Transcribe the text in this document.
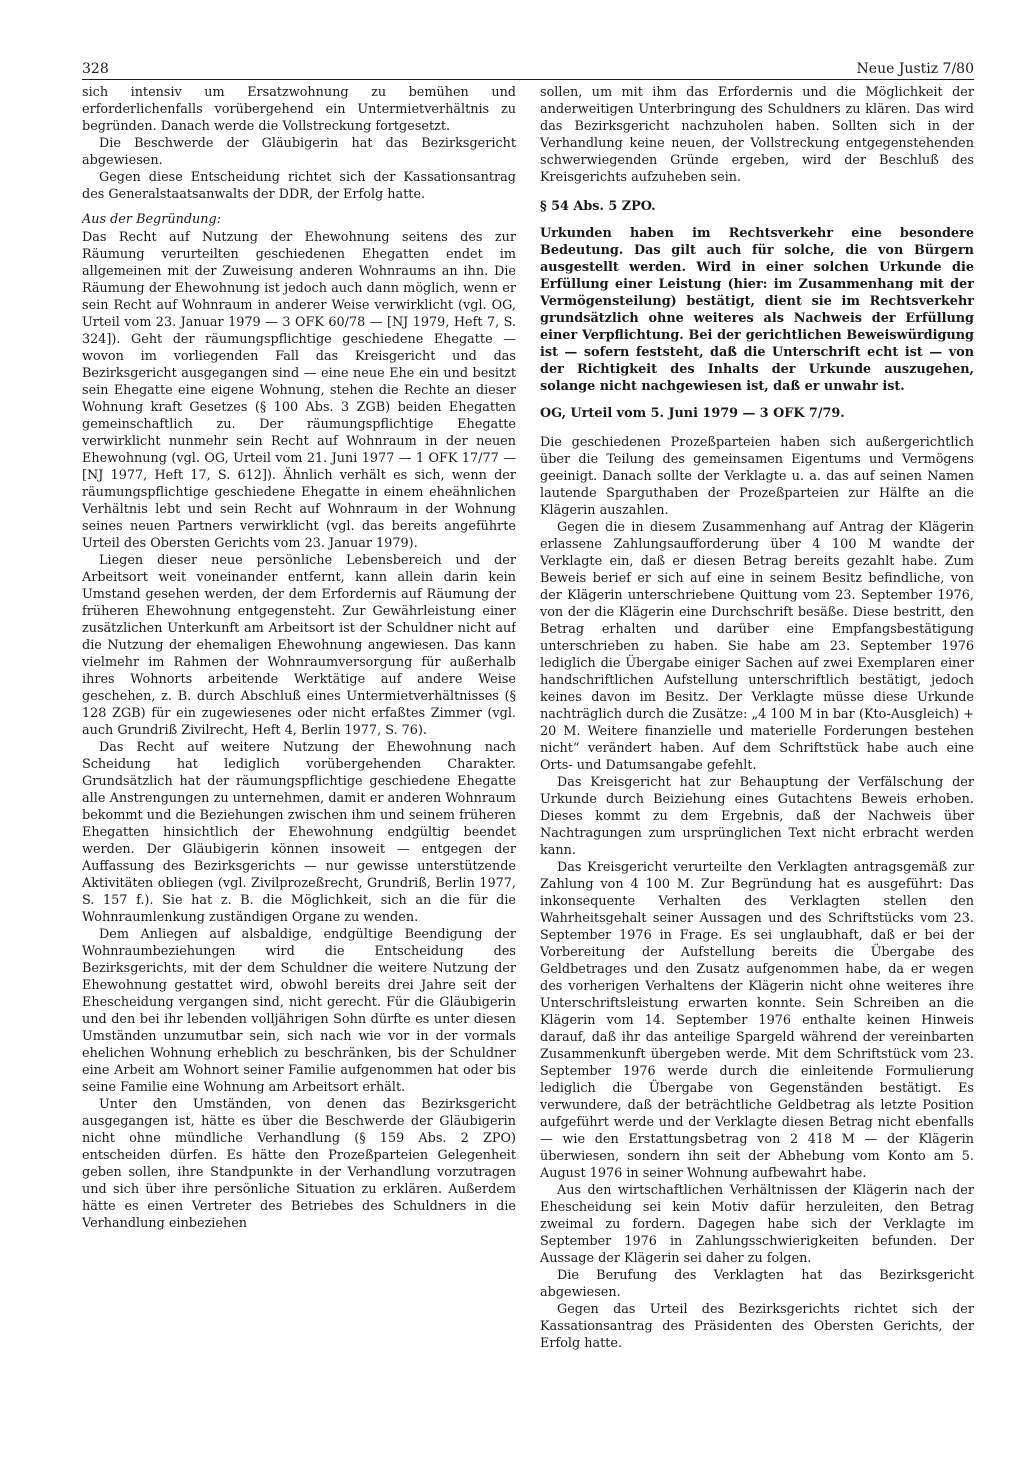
328	Neue Justiz 7/80

sich intensiv um Ersatzwohnung zu bemühen und erforderlichenfalls vorübergehend ein Untermietverhältnis zu begründen. Danach werde die Vollstreckung fortgesetzt.

Die Beschwerde der Gläubigerin hat das Bezirksgericht abgewiesen.

Gegen diese Entscheidung richtet sich der Kassationsantrag des Generalstaatsanwalts der DDR, der Erfolg hatte.

Aus der Begründung:

Das Recht auf Nutzung der Ehewohnung seitens des zur Räumung verurteilten geschiedenen Ehegatten endet im allgemeinen mit der Zuweisung anderen Wohnraums an ihn. Die Räumung der Ehewohnung ist jedoch auch dann möglich, wenn er sein Recht auf Wohnraum in anderer Weise verwirklicht (vgl. OG, Urteil vom 23. Januar 1979 — 3 OFK 60/78 — [NJ 1979, Heft 7, S. 324]). Geht der räumungspflichtige geschiedene Ehegatte — wovon im vorliegenden Fall das Kreisgericht und das Bezirksgericht ausgegangen sind — eine neue Ehe ein und besitzt sein Ehegatte eine eigene Wohnung, stehen die Rechte an dieser Wohnung kraft Gesetzes (§ 100 Abs. 3 ZGB) beiden Ehegatten gemeinschaftlich zu. Der räumungspflichtige Ehegatte verwirklicht nunmehr sein Recht auf Wohnraum in der neuen Ehewohnung (vgl. OG, Urteil vom 21. Juni 1977 — 1 OFK 17/77 — [NJ 1977, Heft 17, S. 612]). Ähnlich verhält es sich, wenn der räumungspflichtige geschiedene Ehegatte in einem eheähnlichen Verhältnis lebt und sein Recht auf Wohnraum in der Wohnung seines neuen Partners verwirklicht (vgl. das bereits angeführte Urteil des Obersten Gerichts vom 23. Januar 1979).

Liegen dieser neue persönliche Lebensbereich und der Arbeitsort weit voneinander entfernt, kann allein darin kein Umstand gesehen werden, der dem Erfordernis auf Räumung der früheren Ehewohnung entgegensteht. Zur Gewährleistung einer zusätzlichen Unterkunft am Arbeitsort ist der Schuldner nicht auf die Nutzung der ehemaligen Ehewohnung angewiesen. Das kann vielmehr im Rahmen der Wohnraumversorgung für außerhalb ihres Wohnorts arbeitende Werktätige auf andere Weise geschehen, z. B. durch Abschluß eines Untermietverhältnisses (§ 128 ZGB) für ein zugewiesenes oder nicht erfaßtes Zimmer (vgl. auch Grundriß Zivilrecht, Heft 4, Berlin 1977, S. 76).

Das Recht auf weitere Nutzung der Ehewohnung nach Scheidung hat lediglich vorübergehenden Charakter. Grundsätzlich hat der räumungspflichtige geschiedene Ehegatte alle Anstrengungen zu unternehmen, damit er anderen Wohnraum bekommt und die Beziehungen zwischen ihm und seinem früheren Ehegatten hinsichtlich der Ehewohnung endgültig beendet werden. Der Gläubigerin können insoweit — entgegen der Auffassung des Bezirksgerichts — nur gewisse unterstützende Aktivitäten obliegen (vgl. Zivilprozeßrecht, Grundriß, Berlin 1977, S. 157 f.). Sie hat z. B. die Möglichkeit, sich an die für die Wohnraumlenkung zuständigen Organe zu wenden.

Dem Anliegen auf alsbaldige, endgültige Beendigung der Wohnraumbeziehungen wird die Entscheidung des Bezirksgerichts, mit der dem Schuldner die weitere Nutzung der Ehewohnung gestattet wird, obwohl bereits drei Jahre seit der Ehescheidung vergangen sind, nicht gerecht. Für die Gläubigerin und den bei ihr lebenden volljährigen Sohn dürfte es unter diesen Umständen unzumutbar sein, sich nach wie vor in der vormals ehelichen Wohnung erheblich zu beschränken, bis der Schuldner eine Arbeit am Wohnort seiner Familie aufgenommen hat oder bis seine Familie eine Wohnung am Arbeitsort erhält.

Unter den Umständen, von denen das Bezirksgericht ausgegangen ist, hätte es über die Beschwerde der Gläubigerin nicht ohne mündliche Verhandlung (§ 159 Abs. 2 ZPO) entscheiden dürfen. Es hätte den Prozeßparteien Gelegenheit geben sollen, ihre Standpunkte in der Verhandlung vorzutragen und sich über ihre persönliche Situation zu erklären. Außerdem hätte es einen Vertreter des Betriebes des Schuldners in die Verhandlung einbeziehen

sollen, um mit ihm das Erfordernis und die Möglichkeit der anderweitigen Unterbringung des Schuldners zu klären. Das wird das Bezirksgericht nachzuholen haben. Sollten sich in der Verhandlung keine neuen, der Vollstreckung entgegenstehenden schwerwiegenden Gründe ergeben, wird der Beschluß des Kreisgerichts aufzuheben sein.

§ 54 Abs. 5 ZPO.
Urkunden haben im Rechtsverkehr eine besondere Bedeutung. Das gilt auch für solche, die von Bürgern ausgestellt werden. Wird in einer solchen Urkunde die Erfüllung einer Leistung (hier: im Zusammenhang mit der Vermögensteilung) bestätigt, dient sie im Rechtsverkehr grundsätzlich ohne weiteres als Nachweis der Erfüllung einer Verpflichtung. Bei der gerichtlichen Beweiswürdigung ist — sofern feststeht, daß die Unterschrift echt ist — von der Richtigkeit des Inhalts der Urkunde auszugehen, solange nicht nachgewiesen ist, daß er unwahr ist.
OG, Urteil vom 5. Juni 1979 — 3 OFK 7/79.

Die geschiedenen Prozeßparteien haben sich außergerichtlich über die Teilung des gemeinsamen Eigentums und Vermögens geeinigt. Danach sollte der Verklagte u. a. das auf seinen Namen lautende Sparguthaben der Prozeßparteien zur Hälfte an die Klägerin auszahlen.

Gegen die in diesem Zusammenhang auf Antrag der Klägerin erlassene Zahlungsaufforderung über 4 100 M wandte der Verklagte ein, daß er diesen Betrag bereits gezahlt habe. Zum Beweis berief er sich auf eine in seinem Besitz befindliche, von der Klägerin unterschriebene Quittung vom 23. September 1976, von der die Klägerin eine Durchschrift besäße. Diese bestritt, den Betrag erhalten und darüber eine Empfangsbestätigung unterschrieben zu haben. Sie habe am 23. September 1976 lediglich die Übergabe einiger Sachen auf zwei Exemplaren einer handschriftlichen Aufstellung unterschriftlich bestätigt, jedoch keines davon im Besitz. Der Verklagte müsse diese Urkunde nachträglich durch die Zusätze: „4 100 M in bar (Kto-Ausgleich) + 20 M. Weitere finanzielle und materielle Forderungen bestehen nicht“ verändert haben. Auf dem Schriftstück habe auch eine Orts- und Datumsangabe gefehlt.

Das Kreisgericht hat zur Behauptung der Verfälschung der Urkunde durch Beiziehung eines Gutachtens Beweis erhoben. Dieses kommt zu dem Ergebnis, daß der Nachweis über Nachtragungen zum ursprünglichen Text nicht erbracht werden kann.

Das Kreisgericht verurteilte den Verklagten antragsgemäß zur Zahlung von 4 100 M. Zur Begründung hat es ausgeführt: Das inkonsequente Verhalten des Verklagten stellen den Wahrheitsgehalt seiner Aussagen und des Schriftstücks vom 23. September 1976 in Frage. Es sei unglaubhaft, daß er bei der Vorbereitung der Aufstellung bereits die Übergabe des Geldbetrages und den Zusatz aufgenommen habe, da er wegen des vorherigen Verhaltens der Klägerin nicht ohne weiteres ihre Unterschriftsleistung erwarten konnte. Sein Schreiben an die Klägerin vom 14. September 1976 enthalte keinen Hinweis darauf, daß ihr das anteilige Spargeld während der vereinbarten Zusammenkunft übergeben werde. Mit dem Schriftstück vom 23. September 1976 werde durch die einleitende Formulierung lediglich die Übergabe von Gegenständen bestätigt. Es verwundere, daß der beträchtliche Geldbetrag als letzte Position aufgeführt werde und der Verklagte diesen Betrag nicht ebenfalls — wie den Erstattungsbetrag von 2 418 M — der Klägerin überwiesen, sondern ihn seit der Abhebung vom Konto am 5. August 1976 in seiner Wohnung aufbewahrt habe.

Aus den wirtschaftlichen Verhältnissen der Klägerin nach der Ehescheidung sei kein Motiv dafür herzuleiten, den Betrag zweimal zu fordern. Dagegen habe sich der Verklagte im September 1976 in Zahlungsschwierigkeiten befunden. Der Aussage der Klägerin sei daher zu folgen.

Die Berufung des Verklagten hat das Bezirksgericht abgewiesen.

Gegen das Urteil des Bezirksgerichts richtet sich der Kassationsantrag des Präsidenten des Obersten Gerichts, der Erfolg hatte.
